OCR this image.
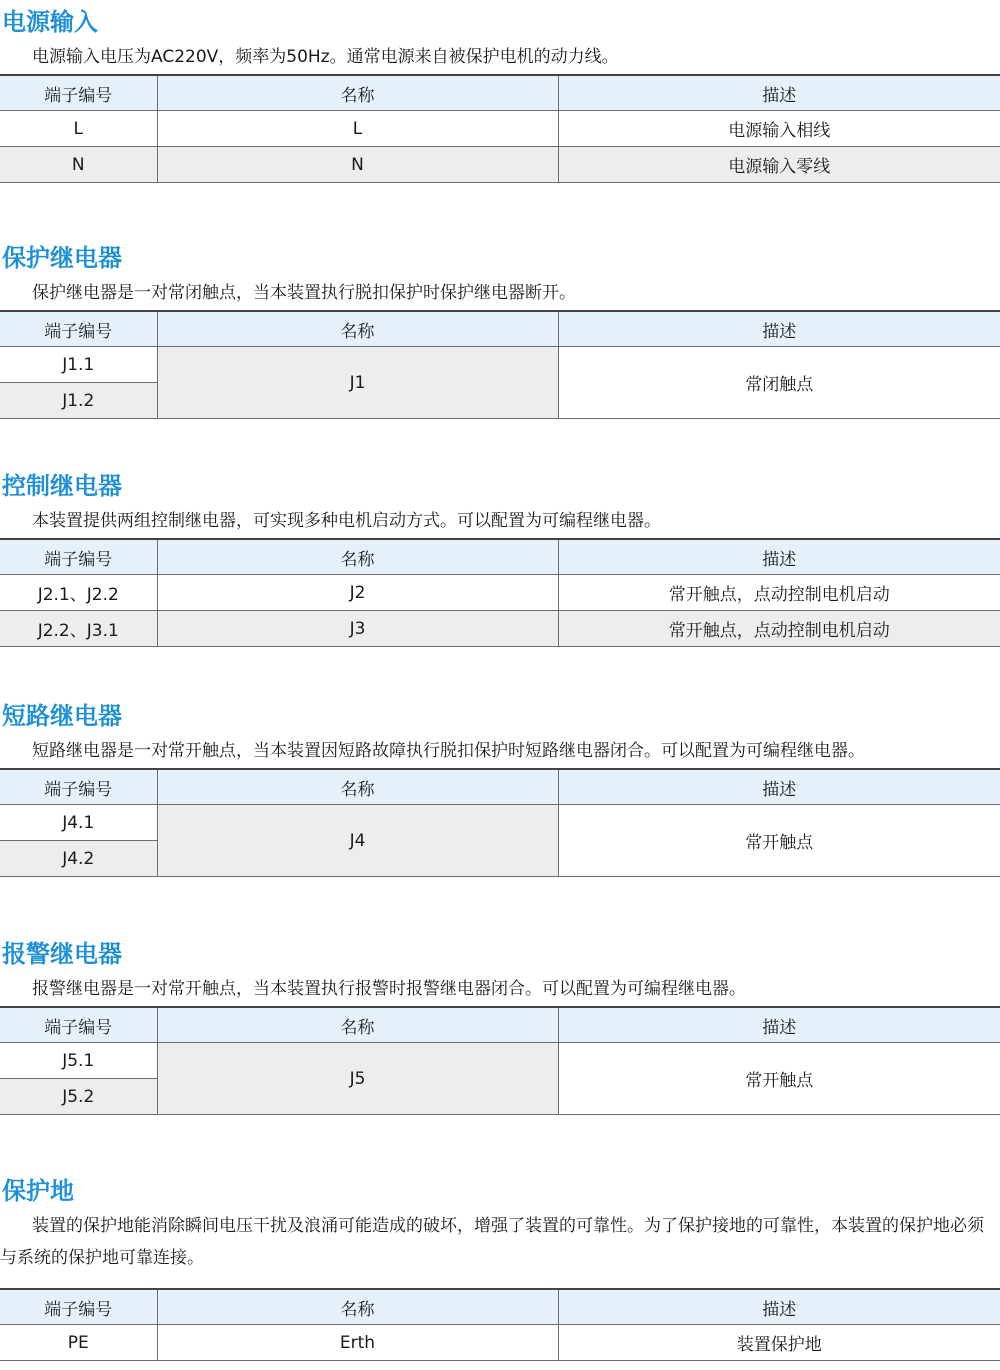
电源输入
电源输入电压为AC220V，频率为50Hz。通常电源来自被保护电机的动力线。
端子编号	名称	描述
L	L	电源输入相线
N	N	电源输入零线
保护继电器
保护继电器是一对常闭触点，当本装置执行脱扣保护时保护继电器断开。
端子编号	名称	描述
J1.1	J1	常闭触点
J1.2		
控制继电器
本装置提供两组控制继电器，可实现多种电机启动方式。可以配置为可编程继电器。
端子编号	名称	描述
J2.1、J2.2	J2	常开触点，点动控制电机启动
J2.2、J3.1	J3	常开触点，点动控制电机启动
短路继电器
短路继电器是一对常开触点，当本装置因短路故障执行脱扣保护时短路继电器闭合。可以配置为可编程继电器。
端子编号	名称	描述
J4.1	J4	常开触点
J4.2		
报警继电器
报警继电器是一对常开触点，当本装置执行报警时报警继电器闭合。可以配置为可编程继电器。
端子编号	名称	描述
J5.1	J5	常开触点
J5.2		
保护地
装置的保护地能消除瞬间电压干扰及浪涌可能造成的破坏，增强了装置的可靠性。为了保护接地的可靠性，本装置的保护地必须与系统的保护地可靠连接。
端子编号	名称	描述
PE	Erth	装置保护地
